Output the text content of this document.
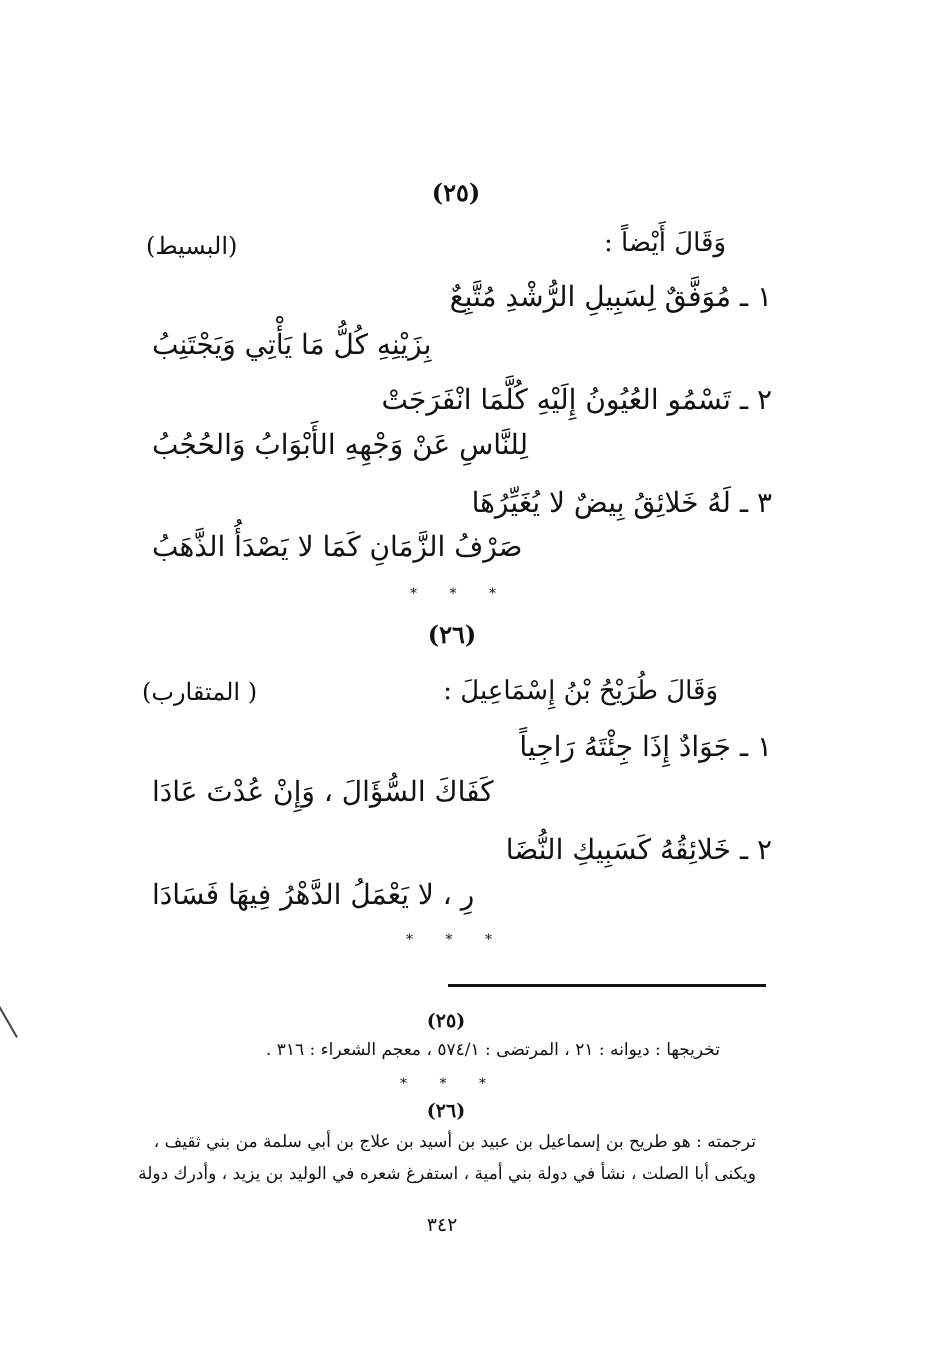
(٢٥)
وَقَالَ أَيْضاً :
(البسيط)
١ ـ مُوَفَّقٌ لِسَبِيلِ الرُّشْدِ مُتَّبِعٌ
بِزَيْنِهِ كُلُّ مَا يَأْتِي وَيَجْتَنِبُ
٢ ـ تَسْمُو العُيُونُ إِلَيْهِ كُلَّمَا انْفَرَجَتْ
لِلنَّاسِ عَنْ وَجْهِهِ الأَبْوَابُ وَالحُجُبُ
٣ ـ لَهُ خَلائِقُ بِيضٌ لا يُغَيِّرُهَا
صَرْفُ الزَّمَانِ كَمَا لا يَصْدَأُ الذَّهَبُ
* * *
(٢٦)
وَقَالَ طُرَيْحُ بْنُ إِسْمَاعِيلَ :
( المتقارب)
١ ـ جَوَادٌ إِذَا جِئْتَهُ رَاجِياً
كَفَاكَ السُّؤَالَ ، وَإِنْ عُدْتَ عَادَا
٢ ـ خَلائِقُهُ كَسَبِيكِ النُّضَا
رِ ، لا يَعْمَلُ الدَّهْرُ فِيهَا فَسَادَا
* * *
(٢٥)
تخريجها : ديوانه : ٢١ ، المرتضى : ٥٧٤/١ ، معجم الشعراء : ٣١٦ .
* * *
(٢٦)
ترجمته : هو طريح بن إسماعيل بن عبيد بن أسيد بن علاج بن أبي سلمة من بني ثقيف ،
ويكنى أبا الصلت ، نشأ في دولة بني أمية ، استفرغ شعره في الوليد بن يزيد ، وأدرك دولة
٣٤٢
